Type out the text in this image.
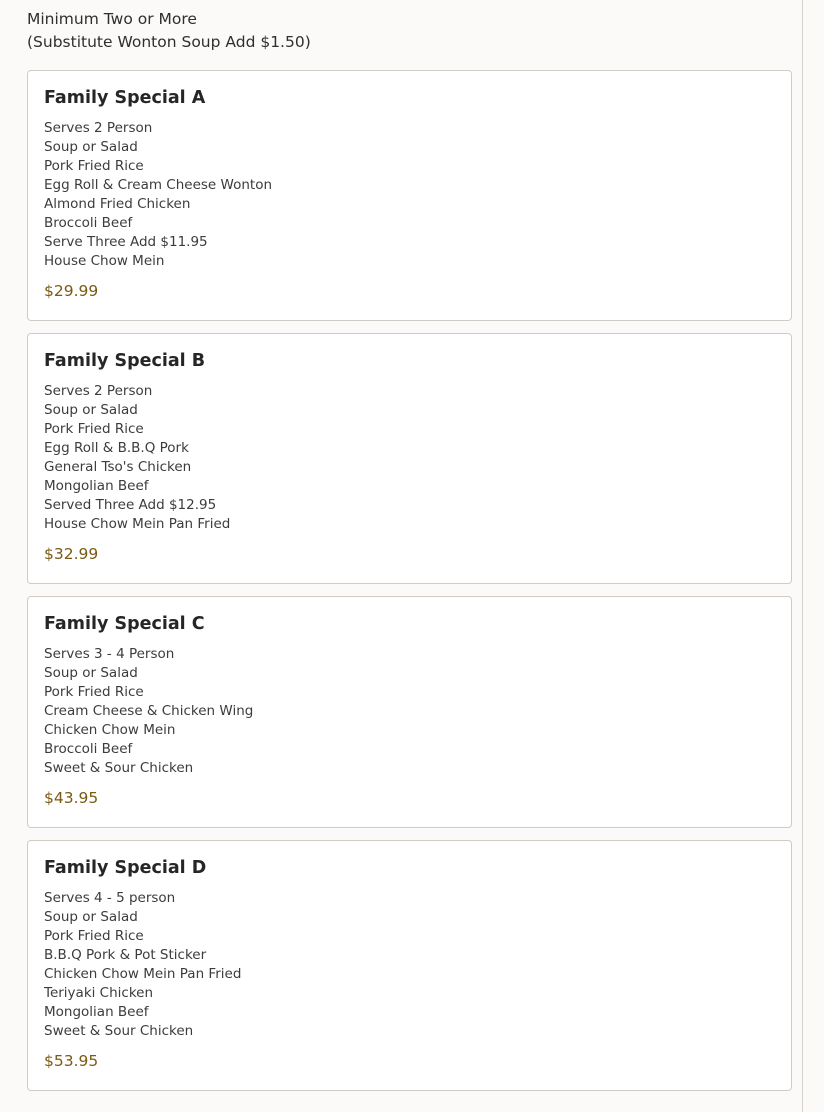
Minimum Two or More
(Substitute Wonton Soup Add $1.50)
Family Special A
Serves 2 Person
Soup or Salad
Pork Fried Rice
Egg Roll & Cream Cheese Wonton
Almond Fried Chicken
Broccoli Beef
Serve Three Add $11.95
House Chow Mein
$29.99
Family Special B
Serves 2 Person
Soup or Salad
Pork Fried Rice
Egg Roll & B.B.Q Pork
General Tso's Chicken
Mongolian Beef
Served Three Add $12.95
House Chow Mein Pan Fried
$32.99
Family Special C
Serves 3 - 4 Person
Soup or Salad
Pork Fried Rice
Cream Cheese & Chicken Wing
Chicken Chow Mein
Broccoli Beef
Sweet & Sour Chicken
$43.95
Family Special D
Serves 4 - 5 person
Soup or Salad
Pork Fried Rice
B.B.Q Pork & Pot Sticker
Chicken Chow Mein Pan Fried
Teriyaki Chicken
Mongolian Beef
Sweet & Sour Chicken
$53.95
